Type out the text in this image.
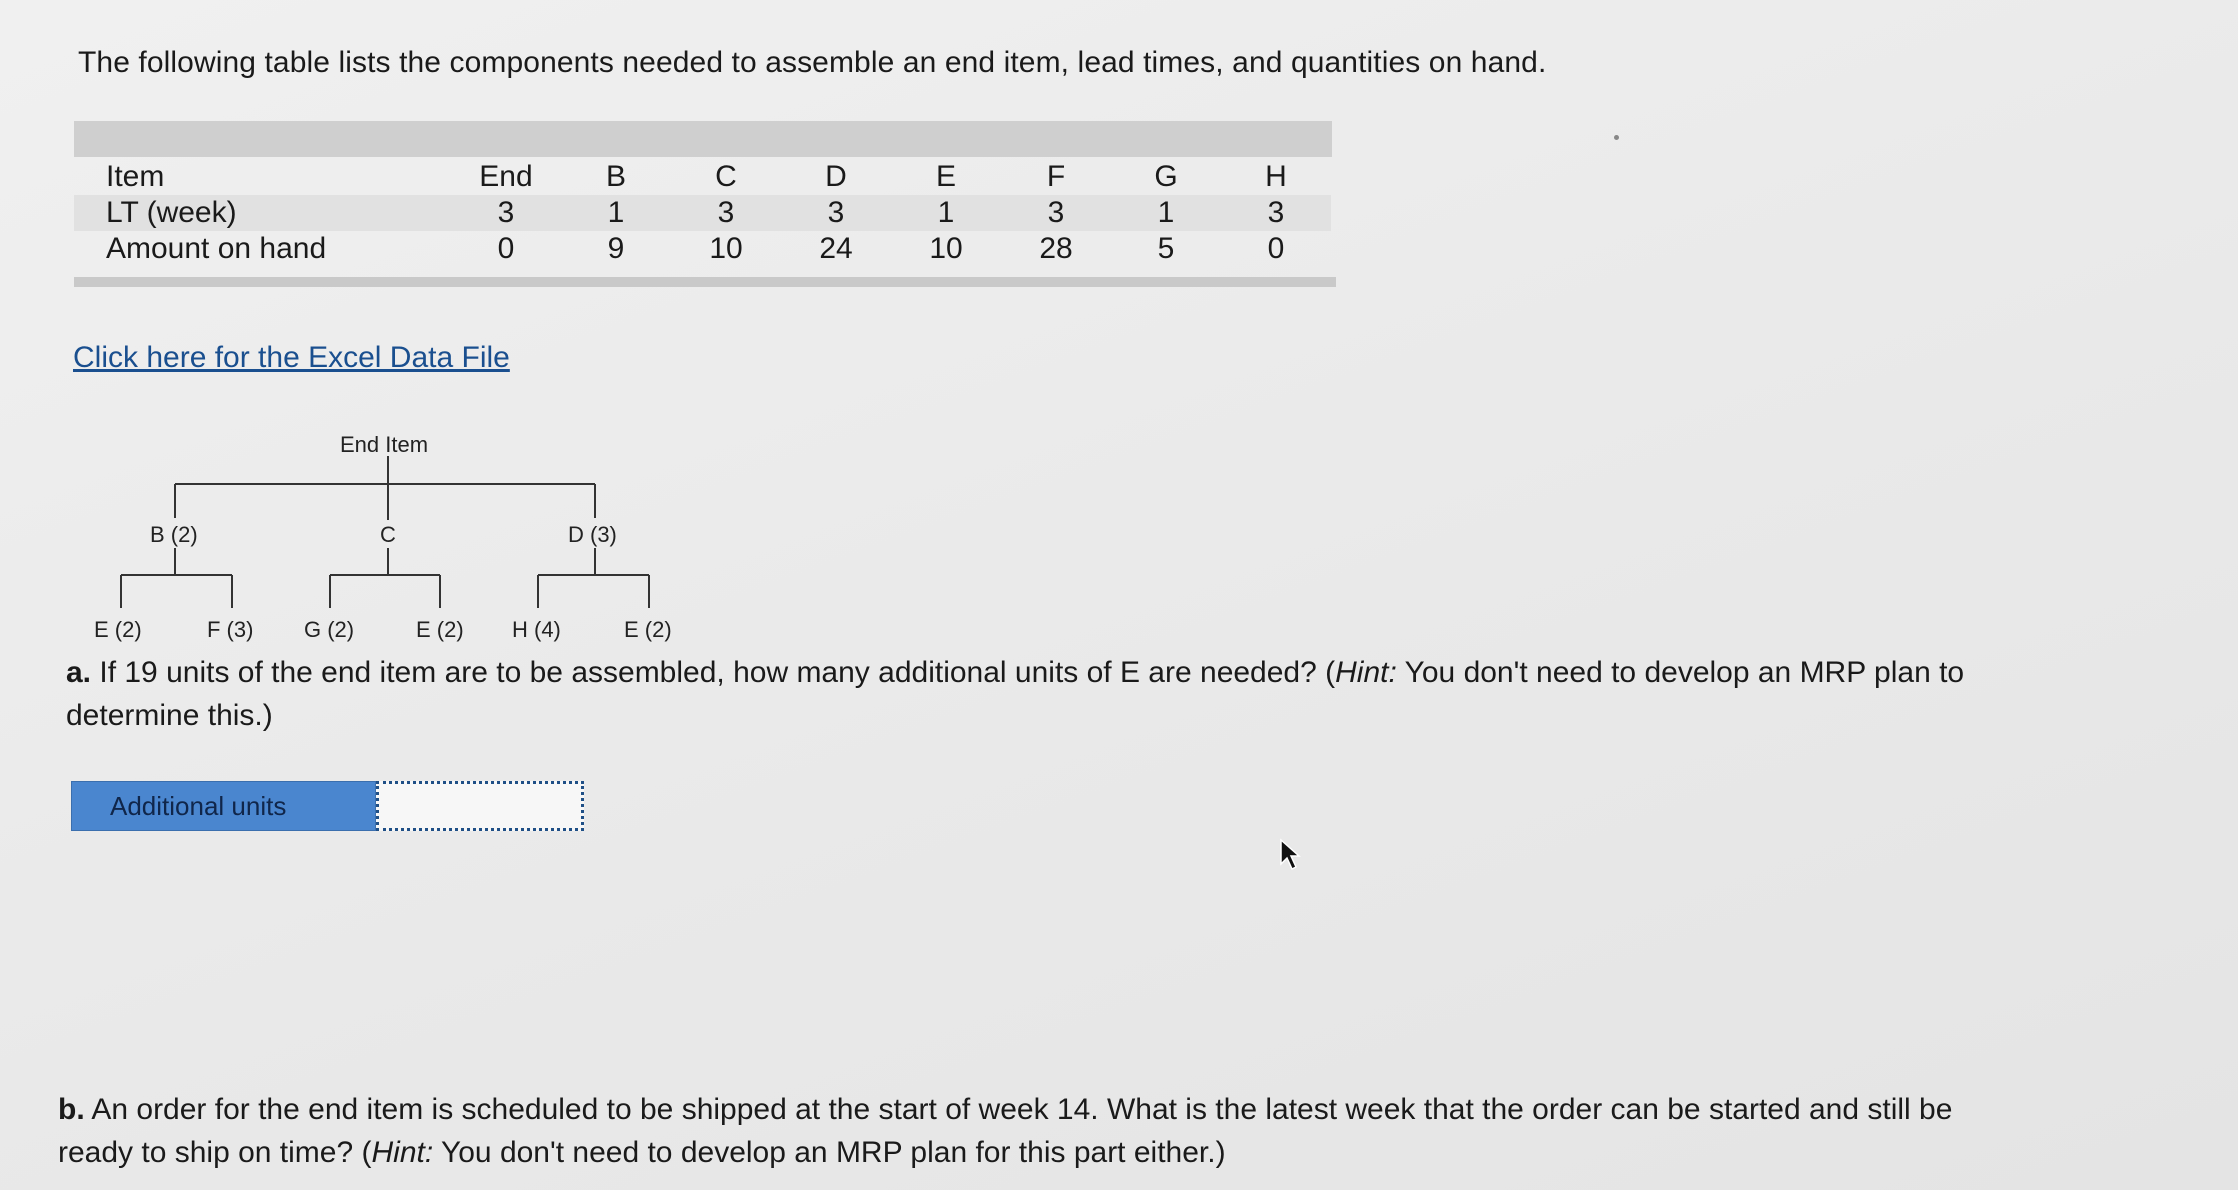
The following table lists the components needed to assemble an end item, lead times, and quantities on hand.
Item	End	B	C	D	E	F	G	H
LT (week)	3	1	3	3	1	3	1	3
Amount on hand	0	9	10	24	10	28	5	0
Click here for the Excel Data File
End Item
B (2)	C	D (3)
E (2)	F (3) G (2)	E (2) H (4)	E (2)
a. If 19 units of the end item are to be assembled, how many additional units of E are needed? (Hint: You don't need to develop an MRP plan to determine this.)
Additional units
b. An order for the end item is scheduled to be shipped at the start of week 14. What is the latest week that the order can be started and still be ready to ship on time? (Hint: You don't need to develop an MRP plan for this part either.)
